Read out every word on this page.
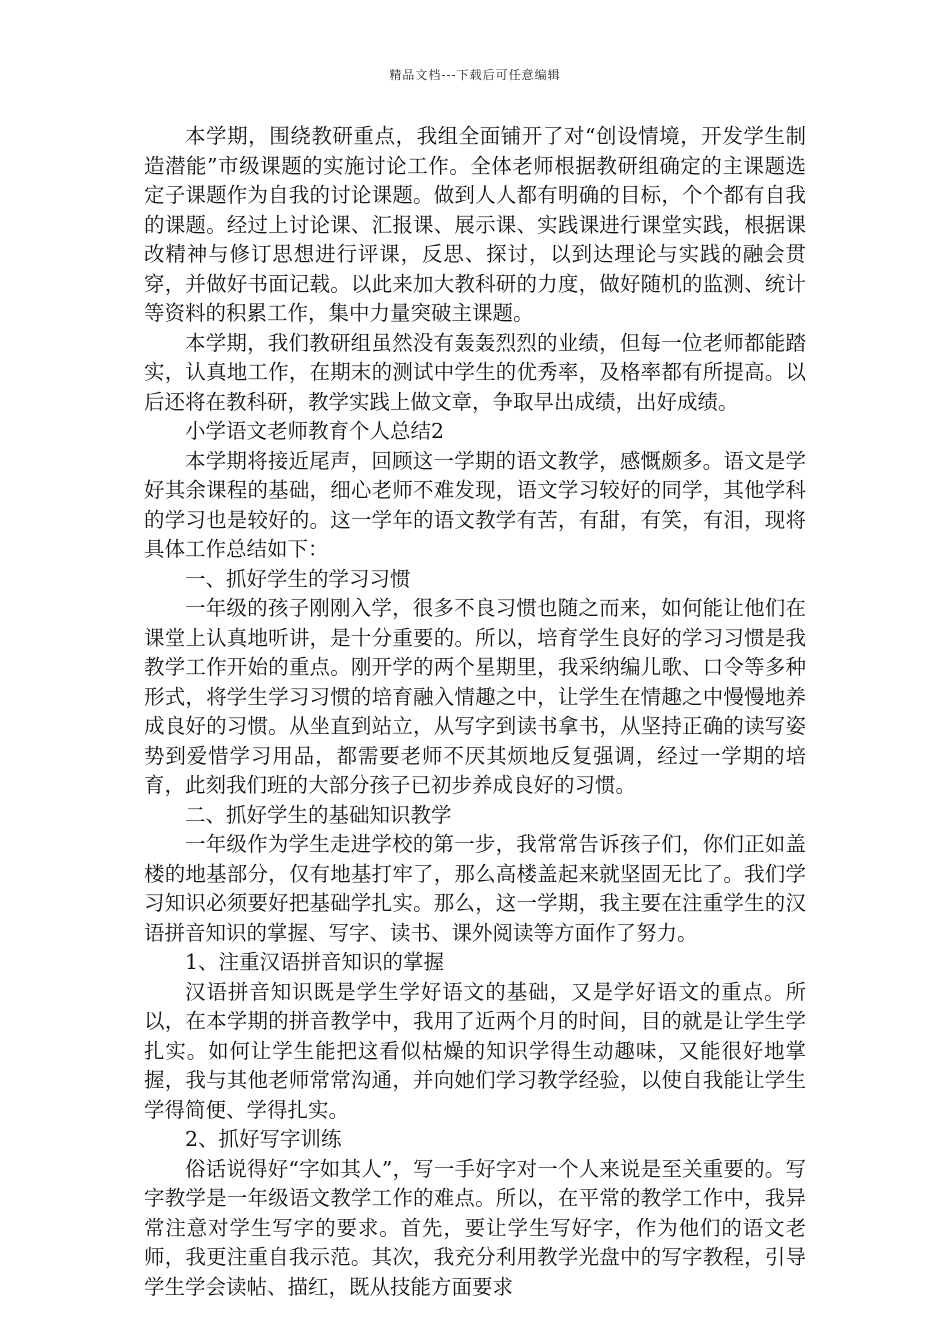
精品文档---下载后可任意编辑

本学期，围绕教研重点，我组全面铺开了对“创设情境，开发学生制造潜能”市级课题的实施讨论工作。全体老师根据教研组确定的主课题选定子课题作为自我的讨论课题。做到人人都有明确的目标，个个都有自我的课题。经过上讨论课、汇报课、展示课、实践课进行课堂实践，根据课改精神与修订思想进行评课，反思、探讨，以到达理论与实践的融会贯穿，并做好书面记载。以此来加大教科研的力度，做好随机的监测、统计等资料的积累工作，集中力量突破主课题。

本学期，我们教研组虽然没有轰轰烈烈的业绩，但每一位老师都能踏实，认真地工作，在期末的测试中学生的优秀率，及格率都有所提高。以后还将在教科研，教学实践上做文章，争取早出成绩，出好成绩。

小学语文老师教育个人总结2

本学期将接近尾声，回顾这一学期的语文教学，感慨颇多。语文是学好其余课程的基础，细心老师不难发现，语文学习较好的同学，其他学科的学习也是较好的。这一学年的语文教学有苦，有甜，有笑，有泪，现将具体工作总结如下：

一、抓好学生的学习习惯

一年级的孩子刚刚入学，很多不良习惯也随之而来，如何能让他们在课堂上认真地听讲，是十分重要的。所以，培育学生良好的学习习惯是我教学工作开始的重点。刚开学的两个星期里，我采纳编儿歌、口令等多种形式，将学生学习习惯的培育融入情趣之中，让学生在情趣之中慢慢地养成良好的习惯。从坐直到站立，从写字到读书拿书，从坚持正确的读写姿势到爱惜学习用品，都需要老师不厌其烦地反复强调，经过一学期的培育，此刻我们班的大部分孩子已初步养成良好的习惯。

二、抓好学生的基础知识教学

一年级作为学生走进学校的第一步，我常常告诉孩子们，你们正如盖楼的地基部分，仅有地基打牢了，那么高楼盖起来就坚固无比了。我们学习知识必须要好把基础学扎实。那么，这一学期，我主要在注重学生的汉语拼音知识的掌握、写字、读书、课外阅读等方面作了努力。

1、注重汉语拼音知识的掌握

汉语拼音知识既是学生学好语文的基础，又是学好语文的重点。所以，在本学期的拼音教学中，我用了近两个月的时间，目的就是让学生学扎实。如何让学生能把这看似枯燥的知识学得生动趣味，又能很好地掌握，我与其他老师常常沟通，并向她们学习教学经验，以使自我能让学生学得简便、学得扎实。

2、抓好写字训练

俗话说得好“字如其人”，写一手好字对一个人来说是至关重要的。写字教学是一年级语文教学工作的难点。所以，在平常的教学工作中，我异常注意对学生写字的要求。首先，要让学生写好字，作为他们的语文老师，我更注重自我示范。其次，我充分利用教学光盘中的写字教程，引导学生学会读帖、描红，既从技能方面要求
